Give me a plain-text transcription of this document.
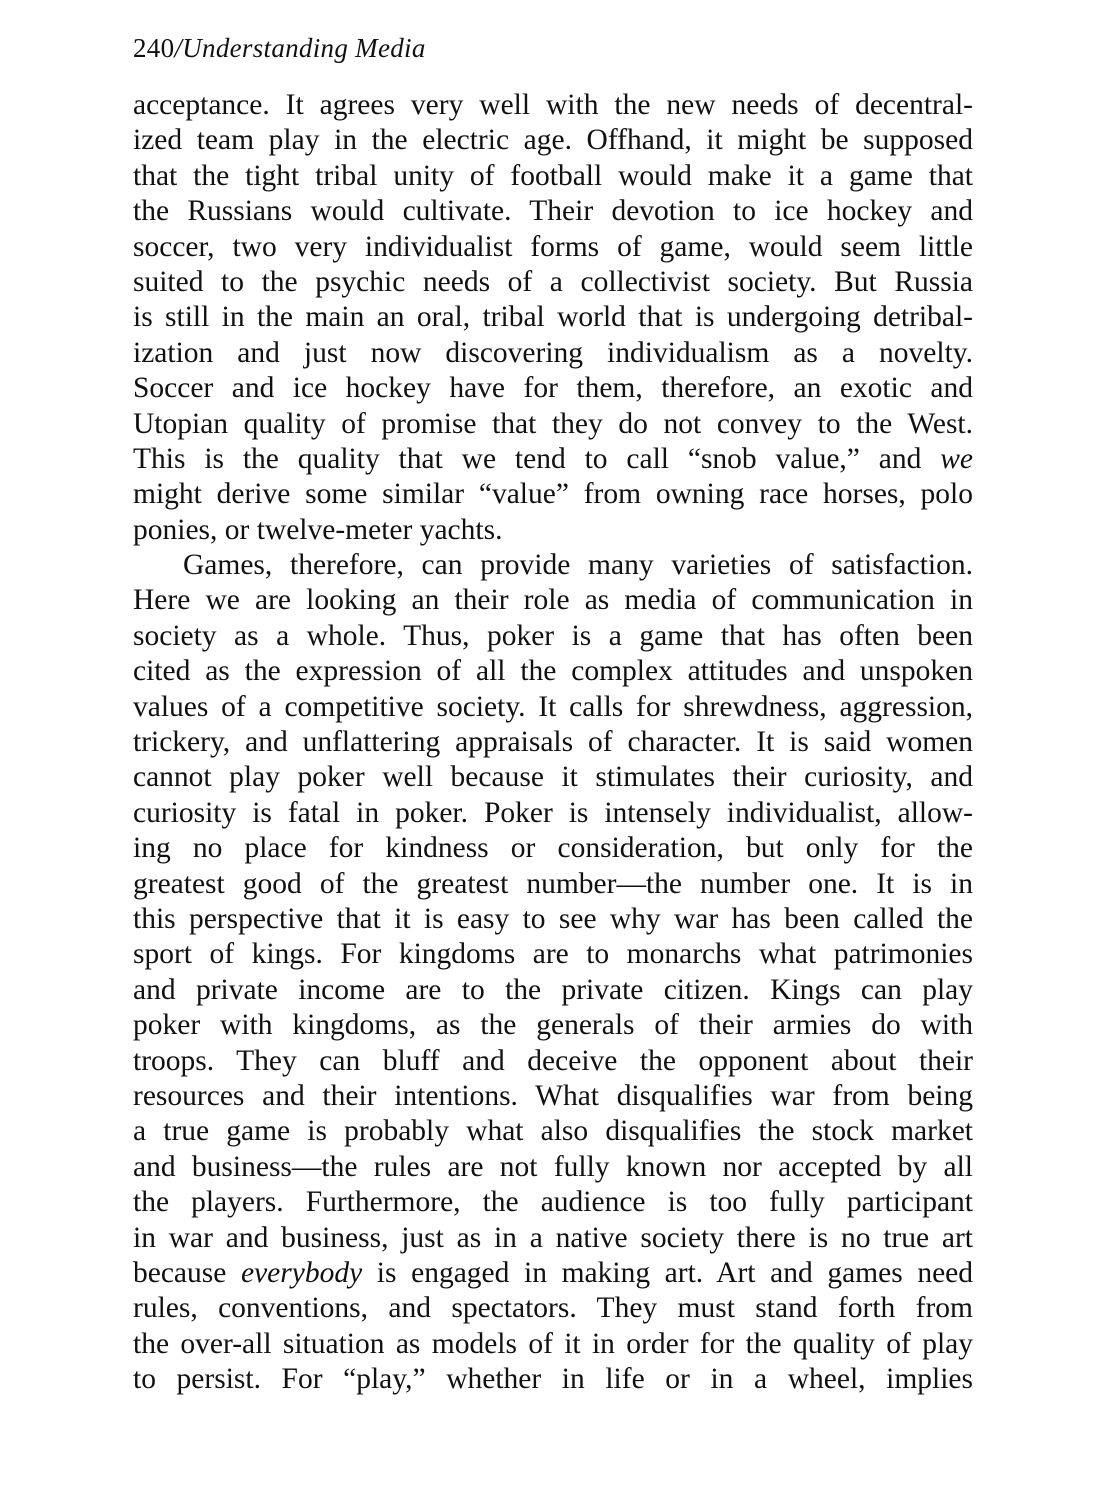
240/Understanding Media
acceptance. It agrees very well with the new needs of decentral-
ized team play in the electric age. Offhand, it might be supposed
that the tight tribal unity of football would make it a game that
the Russians would cultivate. Their devotion to ice hockey and
soccer, two very individualist forms of game, would seem little
suited to the psychic needs of a collectivist society. But Russia
is still in the main an oral, tribal world that is undergoing detribal-
ization and just now discovering individualism as a novelty.
Soccer and ice hockey have for them, therefore, an exotic and
Utopian quality of promise that they do not convey to the West.
This is the quality that we tend to call “snob value,” and we
might derive some similar “value” from owning race horses, polo
ponies, or twelve-meter yachts.
Games, therefore, can provide many varieties of satisfaction.
Here we are looking an their role as media of communication in
society as a whole. Thus, poker is a game that has often been
cited as the expression of all the complex attitudes and unspoken
values of a competitive society. It calls for shrewdness, aggression,
trickery, and unflattering appraisals of character. It is said women
cannot play poker well because it stimulates their curiosity, and
curiosity is fatal in poker. Poker is intensely individualist, allow-
ing no place for kindness or consideration, but only for the
greatest good of the greatest number—the number one. It is in
this perspective that it is easy to see why war has been called the
sport of kings. For kingdoms are to monarchs what patrimonies
and private income are to the private citizen. Kings can play
poker with kingdoms, as the generals of their armies do with
troops. They can bluff and deceive the opponent about their
resources and their intentions. What disqualifies war from being
a true game is probably what also disqualifies the stock market
and business—the rules are not fully known nor accepted by all
the players. Furthermore, the audience is too fully participant
in war and business, just as in a native society there is no true art
because everybody is engaged in making art. Art and games need
rules, conventions, and spectators. They must stand forth from
the over-all situation as models of it in order for the quality of play
to persist. For “play,” whether in life or in a wheel, implies
